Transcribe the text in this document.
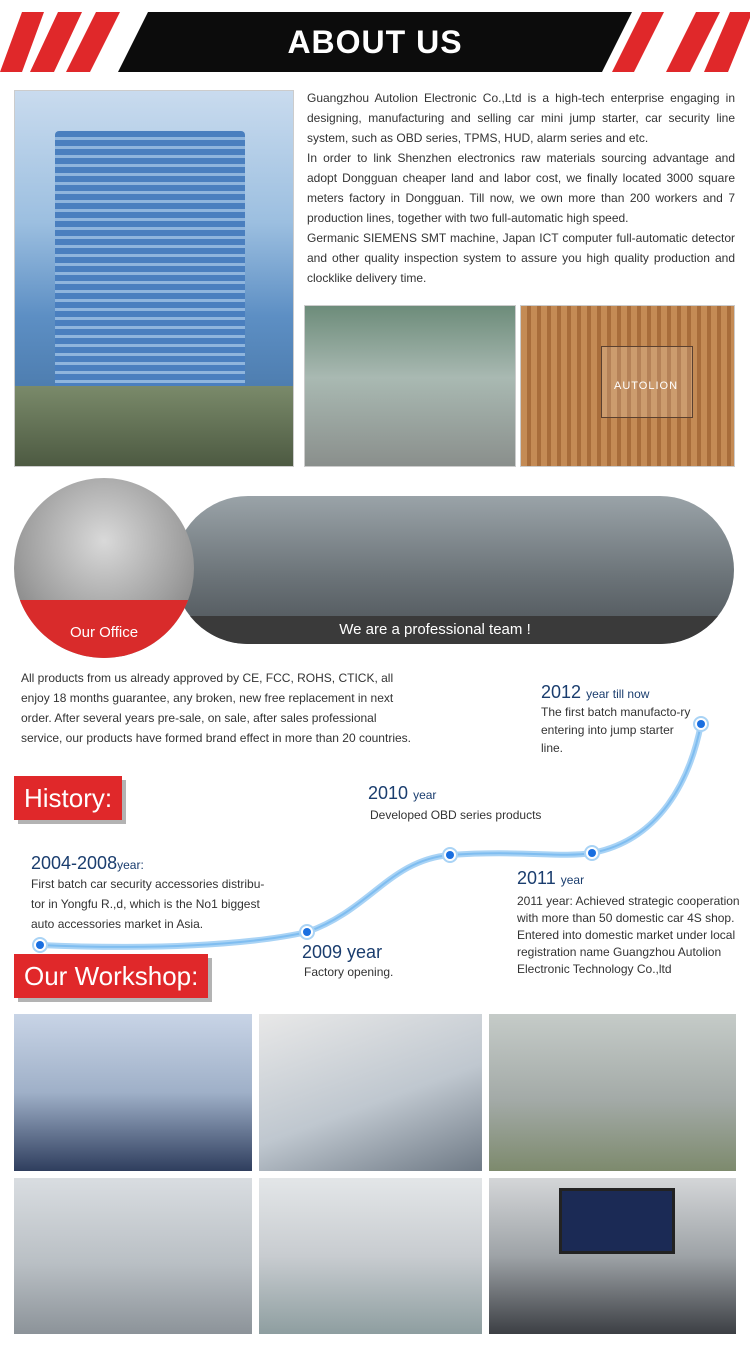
ABOUT US

Guangzhou Autolion Electronic Co.,Ltd is a high-tech enterprise engaging in designing, manufacturing and selling car mini jump starter, car security line system, such as OBD series, TPMS, HUD, alarm series and etc.

In order to link Shenzhen electronics raw materials sourcing advantage and adopt Dongguan cheaper land and labor cost, we finally located 3000 square meters factory in Dongguan. Till now, we own more than 200 workers and 7 production lines, together with two full-automatic high speed.

Germanic SIEMENS SMT machine, Japan ICT computer full-automatic detector and other quality inspection system to assure you high quality production and clocklike delivery time.

AUTOLION
Our Office	We are a professional team !
All products from us already approved by CE, FCC, ROHS, CTICK, all enjoy 18 months guarantee, any broken, new free replacement in next order. After several years pre-sale, on sale, after sales professional service, our products have formed brand effect in more than 20 countries.
History:
2012 year till now
The first batch manufacto-ry entering into jump starter line.
2010 year
Developed OBD series products
2004-2008year:
First batch car security accessories distribu-tor in Yongfu R.,d, which is the No1 biggest auto accessories market in Asia.
2011 year
2011 year: Achieved strategic cooperation with more than 50 domestic car 4S shop. Entered into domestic market under local registration name Guangzhou Autolion Electronic Technology Co.,ltd
2009 year
Factory opening.
Our Workshop:
